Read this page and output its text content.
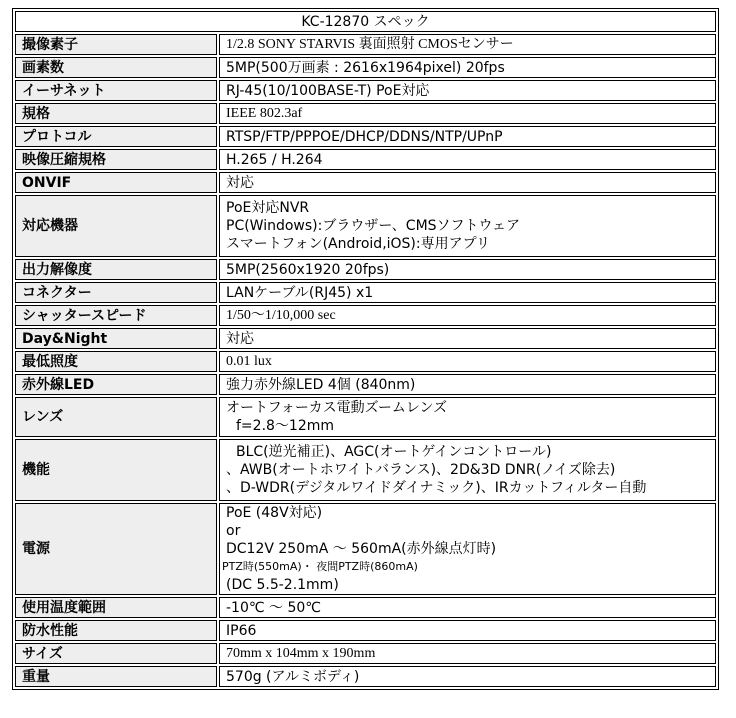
KC-12870 スペック	
撮像素子	1/2.8 SONY STARVIS 裏面照射 CMOSセンサー
画素数	5MP(500万画素 : 2616x1964pixel) 20fps
イーサネット	RJ-45(10/100BASE-T) PoE対応
規格	IEEE 802.3af
プロトコル	RTSP/FTP/PPPOE/DHCP/DDNS/NTP/UPnP
映像圧縮規格	H.265 / H.264
ONVIF	対応
対応機器	PoE対応NVR
PC(Windows):ブラウザー、CMSソフトウェア
スマートフォン(Android,iOS):専用アプリ

出力解像度	5MP(2560x1920 20fps)
コネクター	LANケーブル(RJ45) x1
シャッタースピード	1/50～1/10,000 sec
Day&Night	対応
最低照度	0.01 lux
赤外線LED	強力赤外線LED 4個 (840nm)
レンズ	オートフォーカス電動ズームレンズ
f=2.8～12mm

機能	BLC(逆光補正)、AGC(オートゲインコントロール)
、AWB(オートホワイトバランス)、2D&3D DNR(ノイズ除去)
、D-WDR(デジタルワイドダイナミック)、IRカットフィルター自動

電源	PoE (48V対応)
or
DC12V 250mA ～ 560mA(赤外線点灯時)
PTZ時(550mA)・ 夜間PTZ時(860mA)
(DC 5.5-2.1mm)

使用温度範囲	-10℃ ～ 50℃
防水性能	IP66
サイズ	70mm x 104mm x 190mm
重量	570g (アルミボディ)
